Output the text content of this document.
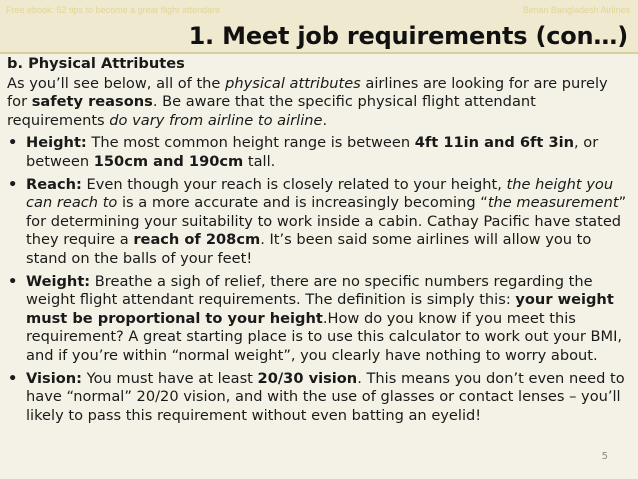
Free ebook: 52 tips to become a great flight attendant	Biman Bangladesh Airlines
1. Meet job requirements (con…)

b. Physical Attributes

As you’ll see below, all of the physical attributes airlines are looking for are purely for safety reasons. Be aware that the specific physical flight attendant requirements do vary from airline to airline.

• Height: The most common height range is between 4ft 11in and 6ft 3in, or between 150cm and 190cm tall.
• Reach: Even though your reach is closely related to your height, the height you can reach to is a more accurate and is increasingly becoming “the measurement” for determining your suitability to work inside a cabin. Cathay Pacific have stated they require a reach of 208cm. It’s been said some airlines will allow you to stand on the balls of your feet!
• Weight: Breathe a sigh of relief, there are no specific numbers regarding the weight flight attendant requirements. The definition is simply this: your weight must be proportional to your height.How do you know if you meet this requirement? A great starting place is to use this calculator to work out your BMI, and if you’re within “normal weight”, you clearly have nothing to worry about.
• Vision: You must have at least 20/30 vision. This means you don’t even need to have “normal” 20/20 vision, and with the use of glasses or contact lenses – you’ll likely to pass this requirement without even batting an eyelid!
5
